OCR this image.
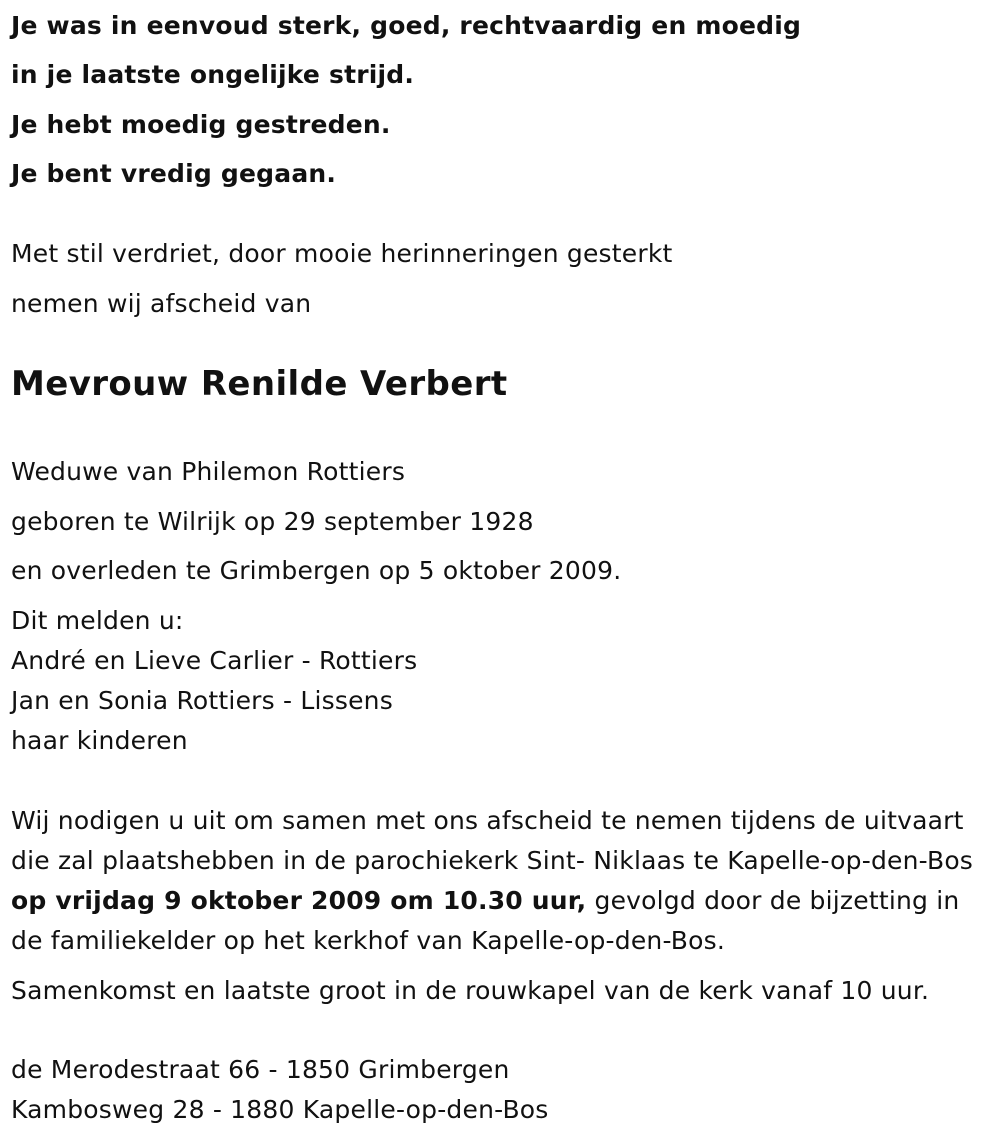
Je was in eenvoud sterk, goed, rechtvaardig en moedig
in je laatste ongelijke strijd.
Je hebt moedig gestreden.
Je bent vredig gegaan.
Met stil verdriet, door mooie herinneringen gesterkt
nemen wij afscheid van
Mevrouw Renilde Verbert
Weduwe van Philemon Rottiers
geboren te Wilrijk op 29 september 1928
en overleden te Grimbergen op 5 oktober 2009.
Dit melden u:
André en Lieve Carlier - Rottiers
Jan en Sonia Rottiers - Lissens
haar kinderen
Wij nodigen u uit om samen met ons afscheid te nemen tijdens de uitvaart die zal plaatshebben in de parochiekerk Sint- Niklaas te Kapelle-op-den-Bos op vrijdag 9 oktober 2009 om 10.30 uur, gevolgd door de bijzetting in de familiekelder op het kerkhof van Kapelle-op-den-Bos.
Samenkomst en laatste groot in de rouwkapel van de kerk vanaf 10 uur.
de Merodestraat 66 - 1850 Grimbergen
Kambosweg 28 - 1880 Kapelle-op-den-Bos
